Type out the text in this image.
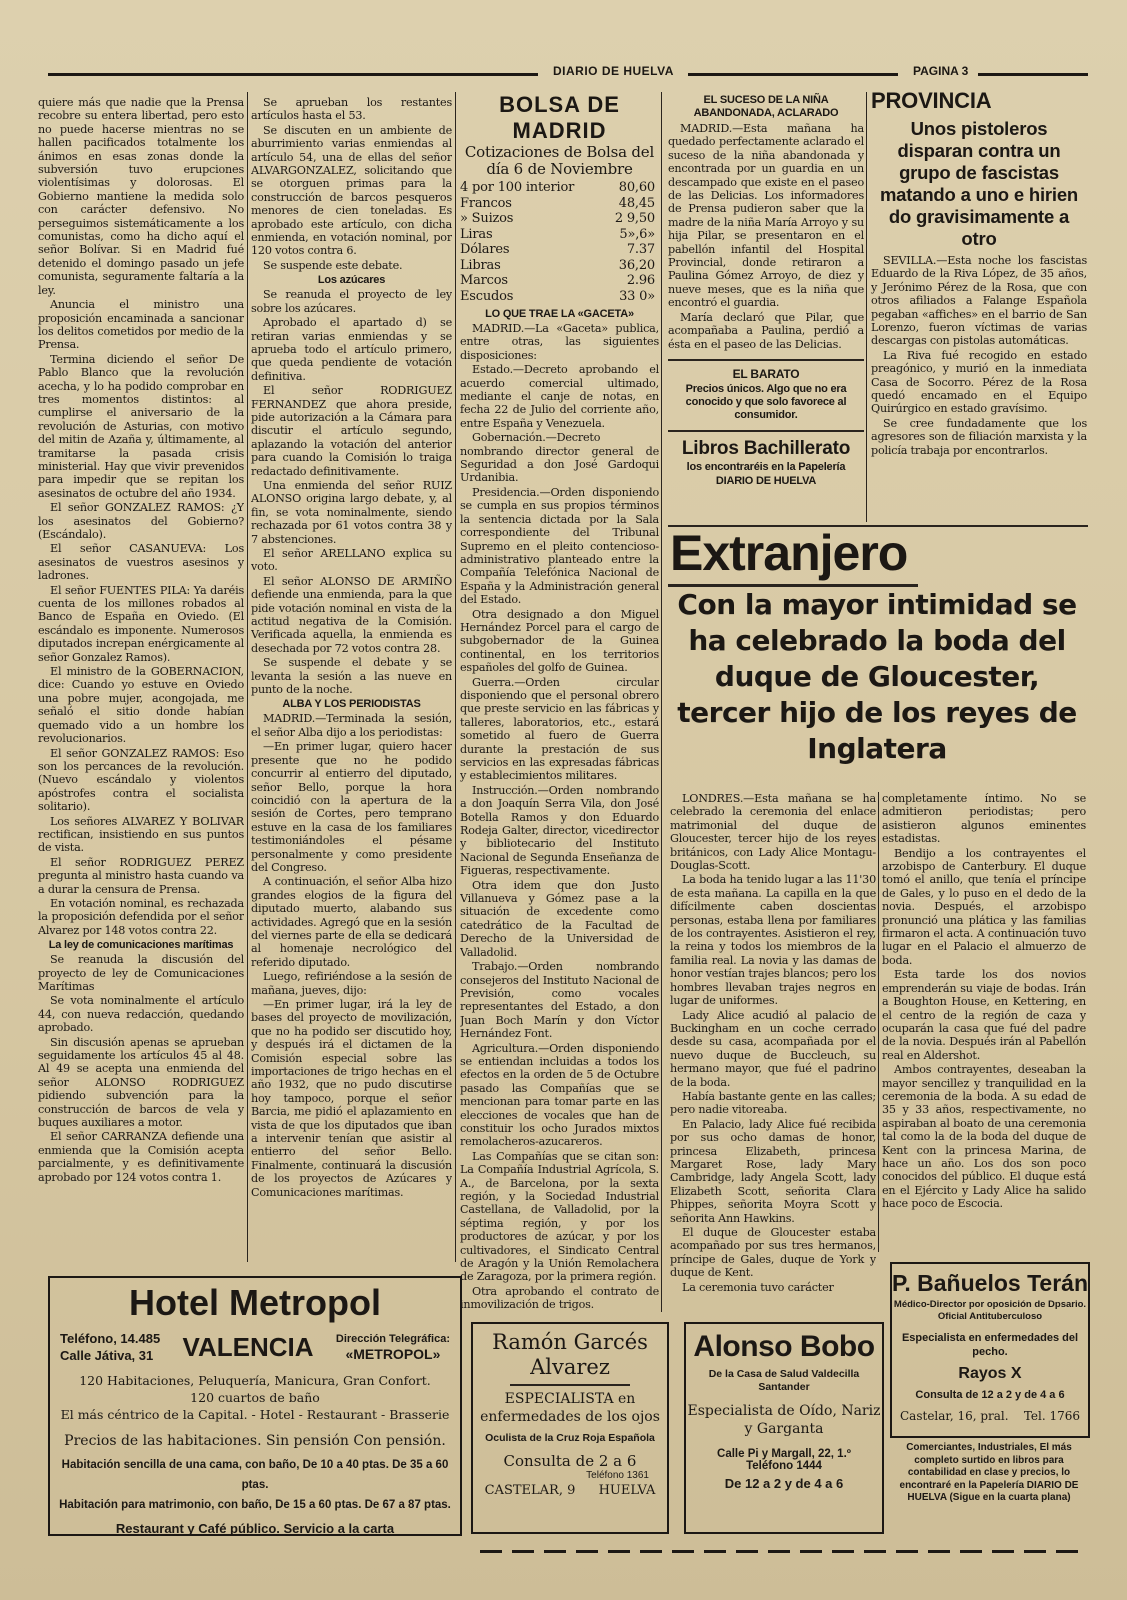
DIARIO DE HUELVA	PAGINA 3

quiere más que nadie que la Prensa recobre su entera libertad, pero esto no puede hacerse mientras no se hallen pacificados totalmente los ánimos en esas zonas donde la subversión tuvo erupciones violentísimas y dolorosas. El Gobierno mantiene la medida solo con carácter defensivo. No perseguimos sistemáticamente a los comunistas, como ha dicho aquí el señor Bolívar. Si en Madrid fué detenido el domingo pasado un jefe comunista, seguramente faltaría a la ley.

Anuncia el ministro una proposición encaminada a sancionar los delitos cometidos por medio de la Prensa.

Termina diciendo el señor De Pablo Blanco que la revolución acecha, y lo ha podido comprobar en tres momentos distintos: al cumplirse el aniversario de la revolución de Asturias, con motivo del mitin de Azaña y, últimamente, al tramitarse la pasada crisis ministerial. Hay que vivir prevenidos para impedir que se repitan los asesinatos de octubre del año 1934.

El señor GONZALEZ RAMOS: ¿Y los asesinatos del Gobierno? (Escándalo).

El señor CASANUEVA: Los asesinatos de vuestros asesinos y ladrones.

El señor FUENTES PILA: Ya daréis cuenta de los millones robados al Banco de España en Oviedo. (El escándalo es imponente. Numerosos diputados increpan enérgicamente al señor Gonzalez Ramos).

El ministro de la GOBERNACION, dice: Cuando yo estuve en Oviedo una pobre mujer, acongojada, me señaló el sitio donde habían quemado vido a un hombre los revolucionarios.

El señor GONZALEZ RAMOS: Eso son los percances de la revolución. (Nuevo escándalo y violentos apóstrofes contra el socialista solitario).

Los señores ALVAREZ Y BOLIVAR rectifican, insistiendo en sus puntos de vista.

El señor RODRIGUEZ PEREZ pregunta al ministro hasta cuando va a durar la censura de Prensa.

En votación nominal, es rechazada la proposición defendida por el señor Alvarez por 148 votos contra 22.

La ley de comunicaciones marítimas

Se reanuda la discusión del proyecto de ley de Comunicaciones Marítimas

Se vota nominalmente el artículo 44, con nueva redacción, quedando aprobado.

Sin discusión apenas se aprueban seguidamente los artículos 45 al 48. Al 49 se acepta una enmienda del señor ALONSO RODRIGUEZ pidiendo subvención para la construcción de barcos de vela y buques auxiliares a motor.

El señor CARRANZA defiende una enmienda que la Comisión acepta parcialmente, y es definitivamente aprobado por 124 votos contra 1.

Se aprueban los restantes artículos hasta el 53.

Se discuten en un ambiente de aburrimiento varias enmiendas al artículo 54, una de ellas del señor ALVARGONZALEZ, solicitando que se otorguen primas para la construcción de barcos pesqueros menores de cien toneladas. Es aprobado este artículo, con dicha enmienda, en votación nominal, por 120 votos contra 6.

Se suspende este debate.

Los azúcares

Se reanuda el proyecto de ley sobre los azúcares.

Aprobado el apartado d) se retiran varias enmiendas y se aprueba todo el artículo primero, que queda pendiente de votación definitiva.

El señor RODRIGUEZ FERNANDEZ que ahora preside, pide autorización a la Cámara para discutir el artículo segundo, aplazando la votación del anterior para cuando la Comisión lo traiga redactado definitivamente.

Una enmienda del señor RUIZ ALONSO origina largo debate, y, al fin, se vota nominalmente, siendo rechazada por 61 votos contra 38 y 7 abstenciones.

El señor ARELLANO explica su voto.

El señor ALONSO DE ARMIÑO defiende una enmienda, para la que pide votación nominal en vista de la actitud negativa de la Comisión. Verificada aquella, la enmienda es desechada por 72 votos contra 28.

Se suspende el debate y se levanta la sesión a las nueve en punto de la noche.

ALBA Y LOS PERIODISTAS

MADRID.—Terminada la sesión, el señor Alba dijo a los periodistas:

—En primer lugar, quiero hacer presente que no he podido concurrir al entierro del diputado, señor Bello, porque la hora coincidió con la apertura de la sesión de Cortes, pero temprano estuve en la casa de los familiares testimoniándoles el pésame personalmente y como presidente del Congreso.

A continuación, el señor Alba hizo grandes elogios de la figura del diputado muerto, alabando sus actividades. Agregó que en la sesión del viernes parte de ella se dedicará al homenaje necrológico del referido diputado.

Luego, refiriéndose a la sesión de mañana, jueves, dijo:

—En primer lugar, irá la ley de bases del proyecto de movilización, que no ha podido ser discutido hoy, y después irá el dictamen de la Comisión especial sobre las importaciones de trigo hechas en el año 1932, que no pudo discutirse hoy tampoco, porque el señor Barcia, me pidió el aplazamiento en vista de que los diputados que iban a intervenir tenían que asistir al entierro del señor Bello. Finalmente, continuará la discusión de los proyectos de Azúcares y Comunicaciones marítimas.

BOLSA DE MADRID
Cotizaciones de Bolsa del día 6 de Noviembre
4 por 100 interior	80,60
Francos	48,45
» Suizos	2 9,50
Liras	5»,6»
Dólares	7.37
Libras	36,20
Marcos	2.96
Escudos	33 0»
LO QUE TRAE LA «GACETA»

MADRID.—La «Gaceta» publica, entre otras, las siguientes disposiciones:

Estado.—Decreto aprobando el acuerdo comercial ultimado, mediante el canje de notas, en fecha 22 de Julio del corriente año, entre España y Venezuela.

Gobernación.—Decreto nombrando director general de Seguridad a don José Gardoqui Urdanibia.

Presidencia.—Orden disponiendo se cumpla en sus propios términos la sentencia dictada por la Sala correspondiente del Tribunal Supremo en el pleito contencioso-administrativo planteado entre la Compañía Telefónica Nacional de España y la Administración general del Estado.

Otra designado a don Miguel Hernández Porcel para el cargo de subgobernador de la Guinea continental, en los territorios españoles del golfo de Guinea.

Guerra.—Orden circular disponiendo que el personal obrero que preste servicio en las fábricas y talleres, laboratorios, etc., estará sometido al fuero de Guerra durante la prestación de sus servicios en las expresadas fábricas y establecimientos militares.

Instrucción.—Orden nombrando a don Joaquín Serra Vila, don José Botella Ramos y don Eduardo Rodeja Galter, director, vicedirector y bibliotecario del Instituto Nacional de Segunda Enseñanza de Figueras, respectivamente.

Otra idem que don Justo Villanueva y Gómez pase a la situación de excedente como catedrático de la Facultad de Derecho de la Universidad de Valladolid.

Trabajo.—Orden nombrando consejeros del Instituto Nacional de Previsión, como vocales representantes del Estado, a don Juan Boch Marín y don Víctor Hernández Font.

Agricultura.—Orden disponiendo se entiendan incluidas a todos los efectos en la orden de 5 de Octubre pasado las Compañías que se mencionan para tomar parte en las elecciones de vocales que han de constituir los ocho Jurados mixtos remolacheros-azucareros.

Las Compañías que se citan son: La Compañía Industrial Agrícola, S. A., de Barcelona, por la sexta región, y la Sociedad Industrial Castellana, de Valladolid, por la séptima región, y por los productores de azúcar, y por los cultivadores, el Sindicato Central de Aragón y la Unión Remolachera de Zaragoza, por la primera región.

Otra aprobando el contrato de inmovilización de trigos.

EL SUCESO DE LA NIÑA ABANDONADA, ACLARADO

MADRID.—Esta mañana ha quedado perfectamente aclarado el suceso de la niña abandonada y encontrada por un guardia en un descampado que existe en el paseo de las Delicias. Los informadores de Prensa pudieron saber que la madre de la niña María Arroyo y su hija Pilar, se presentaron en el pabellón infantil del Hospital Provincial, donde retiraron a Paulina Gómez Arroyo, de diez y nueve meses, que es la niña que encontró el guardia.

María declaró que Pilar, que acompañaba a Paulina, perdió a ésta en el paseo de las Delicias.

EL BARATO
Precios únicos. Algo que no era conocido y que solo favorece al consumidor.
Libros Bachillerato
los encontraréis en la Papelería DIARIO DE HUELVA
PROVINCIA
Unos pistoleros disparan contra un grupo de fascistas matando a uno e hirien do gravisimamente a otro

SEVILLA.—Esta noche los fascistas Eduardo de la Riva López, de 35 años, y Jerónimo Pérez de la Rosa, que con otros afiliados a Falange Española pegaban «affiches» en el barrio de San Lorenzo, fueron víctimas de varias descargas con pistolas automáticas.

La Riva fué recogido en estado preagónico, y murió en la inmediata Casa de Socorro. Pérez de la Rosa quedó encamado en el Equipo Quirúrgico en estado gravísimo.

Se cree fundadamente que los agresores son de filiación marxista y la policía trabaja por encontrarlos.

Extranjero
Con la mayor intimidad se ha celebrado la boda del duque de Gloucester, tercer hijo de los reyes de Inglatera

LONDRES.—Esta mañana se ha celebrado la ceremonia del enlace matrimonial del duque de Gloucester, tercer hijo de los reyes británicos, con Lady Alice Montagu-Douglas-Scott.

La boda ha tenido lugar a las 11'30 de esta mañana. La capilla en la que difícilmente caben doscientas personas, estaba llena por familiares de los contrayentes. Asistieron el rey, la reina y todos los miembros de la familia real. La novia y las damas de honor vestían trajes blancos; pero los hombres llevaban trajes negros en lugar de uniformes.

Lady Alice acudió al palacio de Buckingham en un coche cerrado desde su casa, acompañada por el nuevo duque de Buccleuch, su hermano mayor, que fué el padrino de la boda.

Había bastante gente en las calles; pero nadie vitoreaba.

En Palacio, lady Alice fué recibida por sus ocho damas de honor, princesa Elizabeth, princesa Margaret Rose, lady Mary Cambridge, lady Angela Scott, lady Elizabeth Scott, señorita Clara Phippes, señorita Moyra Scott y señorita Ann Hawkins.

El duque de Gloucester estaba acompañado por sus tres hermanos, príncipe de Gales, duque de York y duque de Kent.

La ceremonia tuvo carácter

completamente íntimo. No se admitieron periodistas; pero asistieron algunos eminentes estadistas.

Bendijo a los contrayentes el arzobispo de Canterbury. El duque tomó el anillo, que tenía el príncipe de Gales, y lo puso en el dedo de la novia. Después, el arzobispo pronunció una plática y las familias firmaron el acta. A continuación tuvo lugar en el Palacio el almuerzo de boda.

Esta tarde los dos novios emprenderán su viaje de bodas. Irán a Boughton House, en Kettering, en el centro de la región de caza y ocuparán la casa que fué del padre de la novia. Después irán al Pabellón real en Aldershot.

Ambos contrayentes, deseaban la mayor sencillez y tranquilidad en la ceremonia de la boda. A su edad de 35 y 33 años, respectivamente, no aspiraban al boato de una ceremonia tal como la de la boda del duque de Kent con la princesa Marina, de hace un año. Los dos son poco conocidos del público. El duque está en el Ejército y Lady Alice ha salido hace poco de Escocia.

Hotel Metropol
Teléfono, 14.485
Calle Játiva, 31 VALENCIA Dirección Telegráfica:
«METROPOL»
120 Habitaciones, Peluquería, Manicura, Gran Confort.
120 cuartos de baño
El más céntrico de la Capital. - Hotel - Restaurant - Brasserie
Precios de las habitaciones. Sin pensión Con pensión.
Habitación sencilla de una cama, con baño, De 10 a 40 ptas. De 35 a 60 ptas.
Habitación para matrimonio, con baño, De 15 a 60 ptas. De 67 a 87 ptas.
Restaurant y Café público. Servicio a la carta
Ramón Garcés Alvarez
ESPECIALISTA en enfermedades de los ojos
Oculista de la Cruz Roja Española
Consulta de 2 a 6
Teléfono 1361
CASTELAR, 9 HUELVA
Alonso Bobo
De la Casa de Salud Valdecilla Santander
Especialista de Oído, Nariz y Garganta
Calle Pi y Margall, 22, 1.º
Teléfono 1444
De 12 a 2 y de 4 a 6
P. Bañuelos Terán
Médico-Director por oposición de Dpsario. Oficial Antituberculoso
Especialista en enfermedades del pecho.
Rayos X
Consulta de 12 a 2 y de 4 a 6
Castelar, 16, pral. Tel. 1766
Comerciantes, Industriales, El más completo surtido en libros para contabilidad en clase y precios, lo encontraré en la Papelería DIARIO DE HUELVA (Sigue en la cuarta plana)
